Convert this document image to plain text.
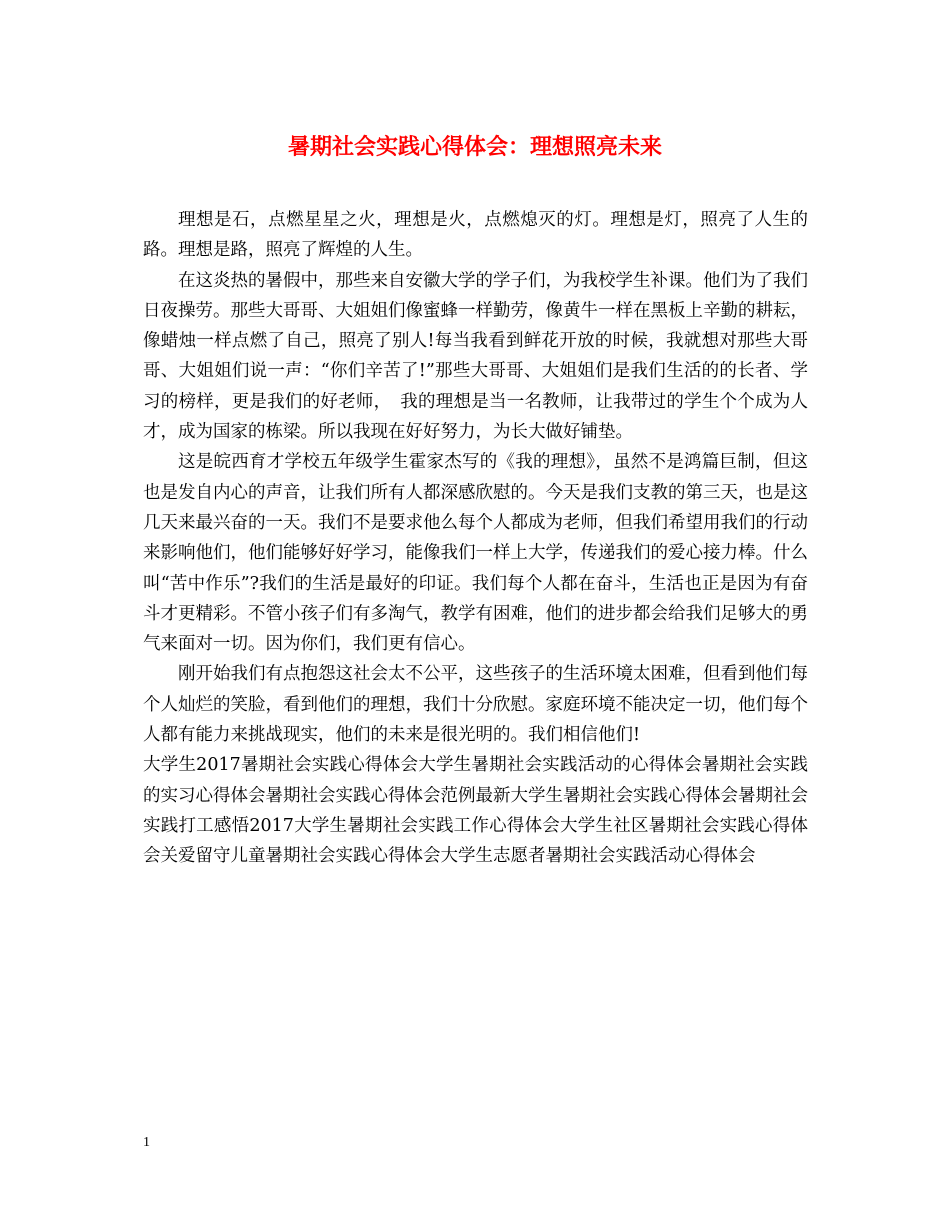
暑期社会实践心得体会：理想照亮未来

理想是石，点燃星星之火，理想是火，点燃熄灭的灯。理想是灯，照亮了人生的路。理想是路，照亮了辉煌的人生。

在这炎热的暑假中，那些来自安徽大学的学子们，为我校学生补课。他们为了我们日夜操劳。那些大哥哥、大姐姐们像蜜蜂一样勤劳，像黄牛一样在黑板上辛勤的耕耘，像蜡烛一样点燃了自己，照亮了别人!每当我看到鲜花开放的时候，我就想对那些大哥哥、大姐姐们说一声：“你们辛苦了!”那些大哥哥、大姐姐们是我们生活的的长者、学习的榜样，更是我们的好老师，　我的理想是当一名教师，让我带过的学生个个成为人才，成为国家的栋梁。所以我现在好好努力，为长大做好铺垫。

这是皖西育才学校五年级学生霍家杰写的《我的理想》，虽然不是鸿篇巨制，但这也是发自内心的声音，让我们所有人都深感欣慰的。今天是我们支教的第三天，也是这几天来最兴奋的一天。我们不是要求他么每个人都成为老师，但我们希望用我们的行动来影响他们，他们能够好好学习，能像我们一样上大学，传递我们的爱心接力棒。什么叫“苦中作乐”?我们的生活是最好的印证。我们每个人都在奋斗，生活也正是因为有奋斗才更精彩。不管小孩子们有多淘气，教学有困难，他们的进步都会给我们足够大的勇气来面对一切。因为你们，我们更有信心。

刚开始我们有点抱怨这社会太不公平，这些孩子的生活环境太困难，但看到他们每个人灿烂的笑脸，看到他们的理想，我们十分欣慰。家庭环境不能决定一切，他们每个人都有能力来挑战现实，他们的未来是很光明的。我们相信他们!

大学生2017暑期社会实践心得体会大学生暑期社会实践活动的心得体会暑期社会实践的实习心得体会暑期社会实践心得体会范例最新大学生暑期社会实践心得体会暑期社会实践打工感悟2017大学生暑期社会实践工作心得体会大学生社区暑期社会实践心得体会关爱留守儿童暑期社会实践心得体会大学生志愿者暑期社会实践活动心得体会

1
